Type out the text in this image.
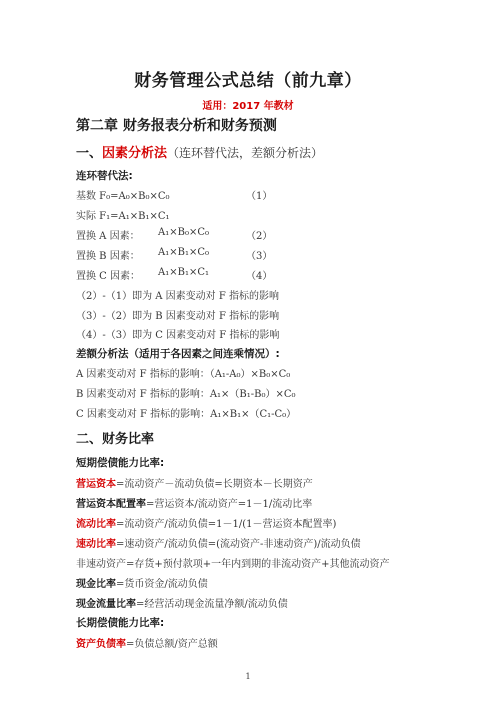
财务管理公式总结（前九章）
适用：2017 年教材
第二章 财务报表分析和财务预测
一、因素分析法（连环替代法，差额分析法）
连环替代法:
基数 F₀=A₀×B₀×C₀	（1）
实际 F₁=A₁×B₁×C₁
置换 A 因素： A₁×B₀×C₀	（2）
置换 B 因素： A₁×B₁×C₀	（3）
置换 C 因素： A₁×B₁×C₁	（4）
（2）-（1）即为 A 因素变动对 F 指标的影响
（3）-（2）即为 B 因素变动对 F 指标的影响
（4）-（3）即为 C 因素变动对 F 指标的影响
差额分析法（适用于各因素之间连乘情况）:
A 因素变动对 F 指标的影响：（A₁-A₀）×B₀×C₀
B 因素变动对 F 指标的影响：A₁×（B₁-B₀）×C₀
C 因素变动对 F 指标的影响：A₁×B₁×（C₁-C₀）
二、财务比率
短期偿债能力比率:
营运资本=流动资产－流动负债=长期资本－长期资产
营运资本配置率=营运资本/流动资产=1－1/流动比率
流动比率=流动资产/流动负债=1－1/(1－营运资本配置率)
速动比率=速动资产/流动负债=(流动资产-非速动资产)/流动负债
非速动资产=存货+预付款项+一年内到期的非流动资产+其他流动资产
现金比率=货币资金/流动负债
现金流量比率=经营活动现金流量净额/流动负债
长期偿债能力比率:
资产负债率=负债总额/资产总额
1
